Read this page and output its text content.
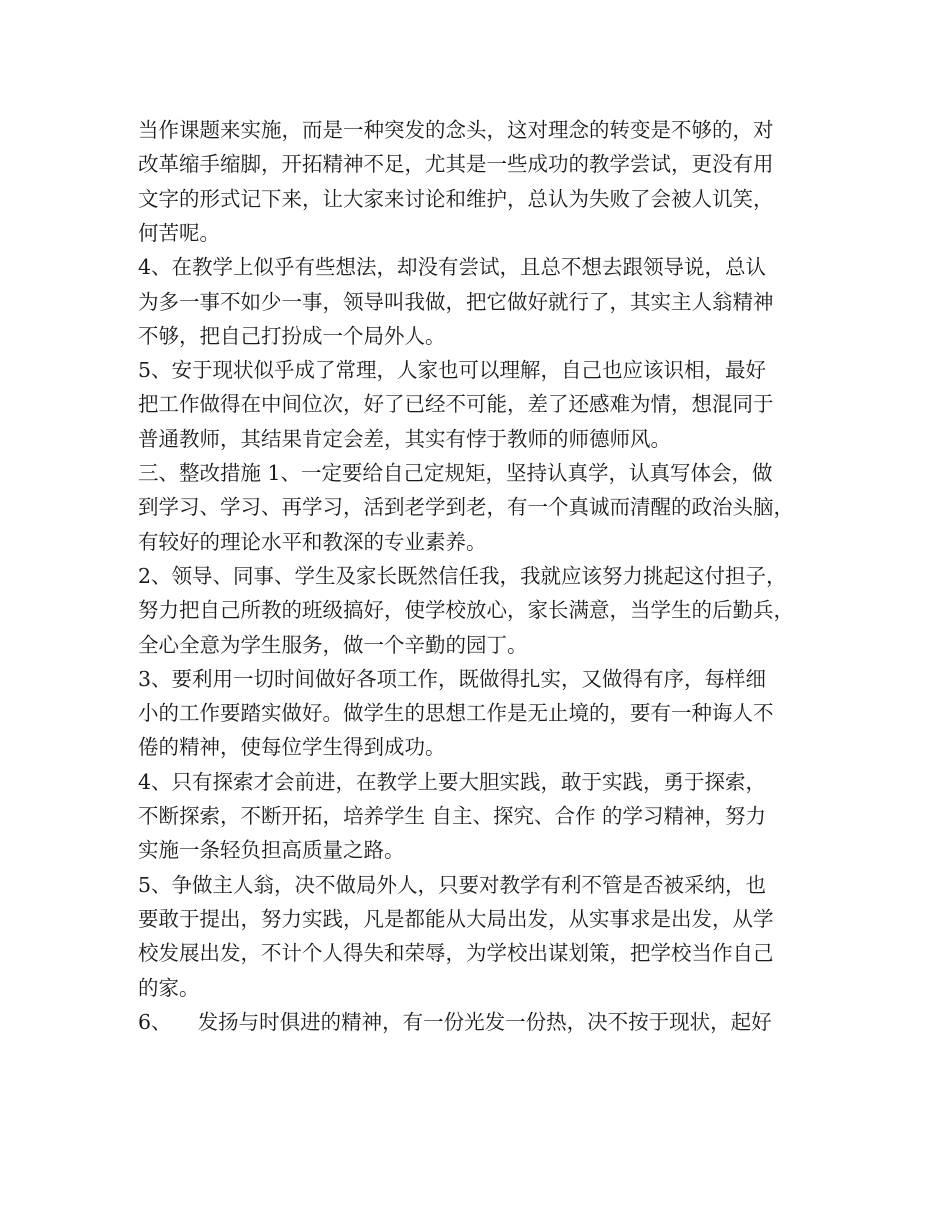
当作课题来实施，而是一种突发的念头，这对理念的转变是不够的，对
改革缩手缩脚，开拓精神不足，尤其是一些成功的教学尝试，更没有用
文字的形式记下来，让大家来讨论和维护，总认为失败了会被人讥笑，
何苦呢。
4、在教学上似乎有些想法，却没有尝试，且总不想去跟领导说，总认
为多一事不如少一事，领导叫我做，把它做好就行了，其实主人翁精神
不够，把自己打扮成一个局外人。
5、安于现状似乎成了常理，人家也可以理解，自己也应该识相，最好
把工作做得在中间位次，好了已经不可能，差了还感难为情，想混同于
普通教师，其结果肯定会差，其实有悖于教师的师德师风。
三、整改措施 1、一定要给自己定规矩，坚持认真学，认真写体会，做
到学习、学习、再学习，活到老学到老，有一个真诚而清醒的政治头脑，
有较好的理论水平和教深的专业素养。
2、领导、同事、学生及家长既然信任我，我就应该努力挑起这付担子，
努力把自己所教的班级搞好，使学校放心，家长满意，当学生的后勤兵，
全心全意为学生服务，做一个辛勤的园丁。
3、要利用一切时间做好各项工作，既做得扎实，又做得有序，每样细
小的工作要踏实做好。做学生的思想工作是无止境的，要有一种诲人不
倦的精神，使每位学生得到成功。
4、只有探索才会前进，在教学上要大胆实践，敢于实践，勇于探索，
不断探索，不断开拓，培养学生 自主、探究、合作 的学习精神，努力
实施一条轻负担高质量之路。
5、争做主人翁，决不做局外人，只要对教学有利不管是否被采纳，也
要敢于提出，努力实践，凡是都能从大局出发，从实事求是出发，从学
校发展出发，不计个人得失和荣辱，为学校出谋划策，把学校当作自己
的家。
6、    发扬与时俱进的精神，有一份光发一份热，决不按于现状，起好
